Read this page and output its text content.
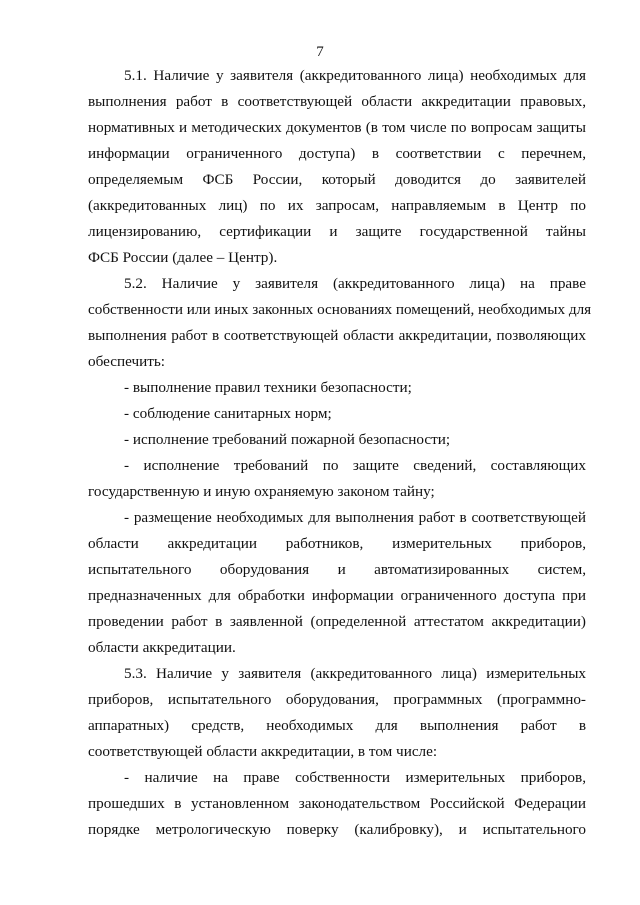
7
5.1. Наличие у заявителя (аккредитованного лица) необходимых для
выполнения работ в соответствующей области аккредитации правовых,
нормативных и методических документов (в том числе по вопросам защиты
информации ограниченного доступа) в соответствии с перечнем,
определяемым ФСБ России, который доводится до заявителей
(аккредитованных лиц) по их запросам, направляемым в Центр по
лицензированию, сертификации и защите государственной тайны
ФСБ России (далее – Центр).
5.2. Наличие у заявителя (аккредитованного лица) на праве
собственности или иных законных основаниях помещений, необходимых для
выполнения работ в соответствующей области аккредитации, позволяющих
обеспечить:
- выполнение правил техники безопасности;
- соблюдение санитарных норм;
- исполнение требований пожарной безопасности;
- исполнение требований по защите сведений, составляющих
государственную и иную охраняемую законом тайну;
- размещение необходимых для выполнения работ в соответствующей
области аккредитации работников, измерительных приборов,
испытательного оборудования и автоматизированных систем,
предназначенных для обработки информации ограниченного доступа при
проведении работ в заявленной (определенной аттестатом аккредитации)
области аккредитации.
5.3. Наличие у заявителя (аккредитованного лица) измерительных
приборов, испытательного оборудования, программных (программно-
аппаратных) средств, необходимых для выполнения работ в
соответствующей области аккредитации, в том числе:
- наличие на праве собственности измерительных приборов,
прошедших в установленном законодательством Российской Федерации
порядке метрологическую поверку (калибровку), и испытательного
